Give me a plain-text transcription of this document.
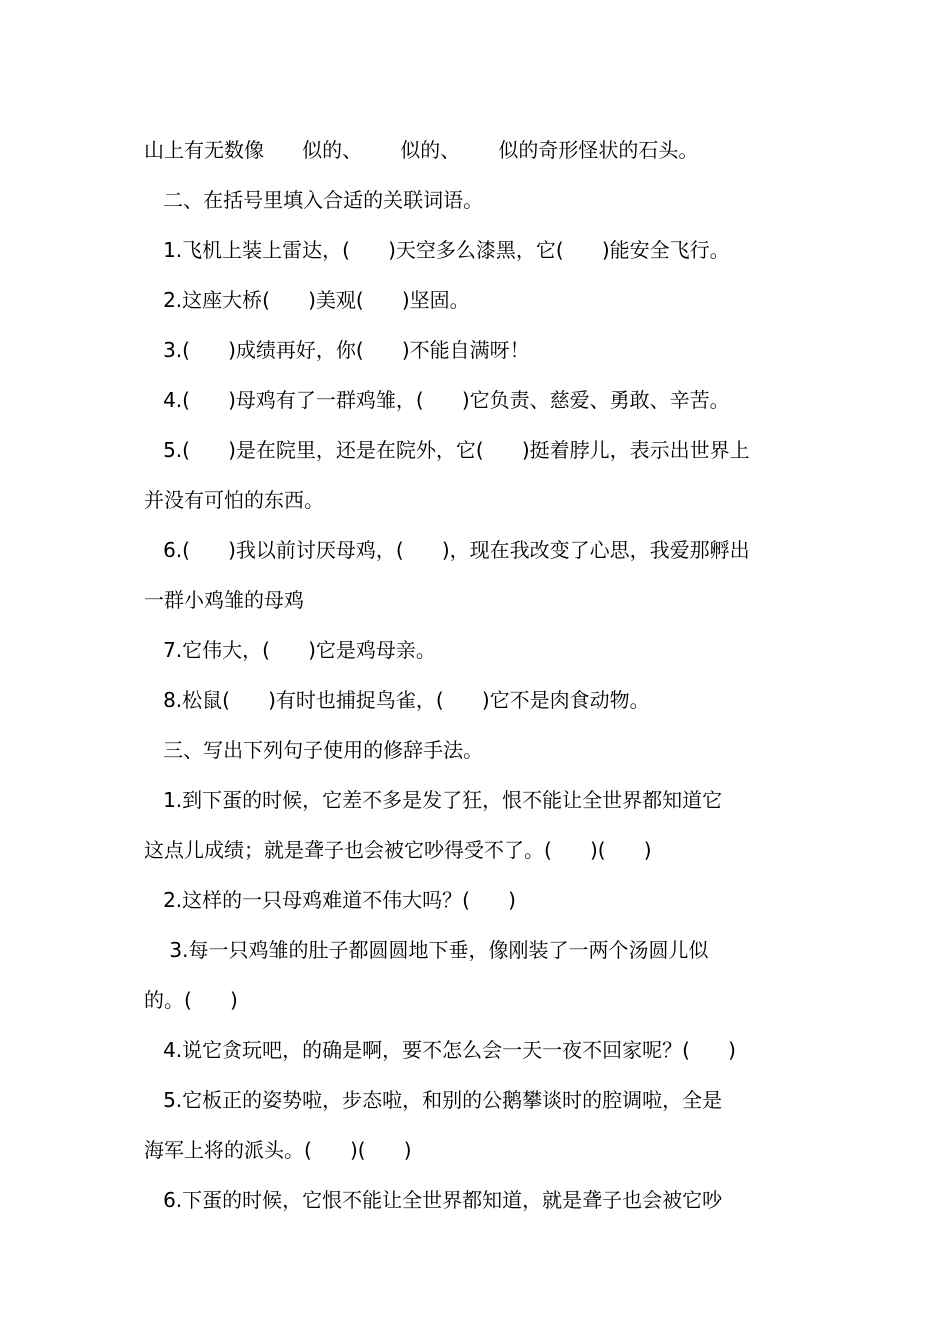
山上有无数像      似的、      似的、      似的奇形怪状的石头。
二、在括号里填入合适的关联词语。
1.飞机上装上雷达，(      )天空多么漆黑，它(      )能安全飞行。
2.这座大桥(      )美观(      )坚固。
3.(      )成绩再好，你(      )不能自满呀！
4.(      )母鸡有了一群鸡雏，(      )它负责、慈爱、勇敢、辛苦。
5.(      )是在院里，还是在院外，它(      )挺着脖儿，表示出世界上
并没有可怕的东西。
6.(      )我以前讨厌母鸡，(      )，现在我改变了心思，我爱那孵出
一群小鸡雏的母鸡
7.它伟大，(      )它是鸡母亲。
8.松鼠(      )有时也捕捉鸟雀，(      )它不是肉食动物。
三、写出下列句子使用的修辞手法。
1.到下蛋的时候，它差不多是发了狂，恨不能让全世界都知道它
这点儿成绩；就是聋子也会被它吵得受不了。(      )(      )
2.这样的一只母鸡难道不伟大吗？(      )
3.每一只鸡雏的肚子都圆圆地下垂，像刚装了一两个汤圆儿似
的。(      )
4.说它贪玩吧，的确是啊，要不怎么会一天一夜不回家呢？(      )
5.它板正的姿势啦，步态啦，和别的公鹅攀谈时的腔调啦，全是
海军上将的派头。(      )(      )
6.下蛋的时候，它恨不能让全世界都知道，就是聋子也会被它吵
